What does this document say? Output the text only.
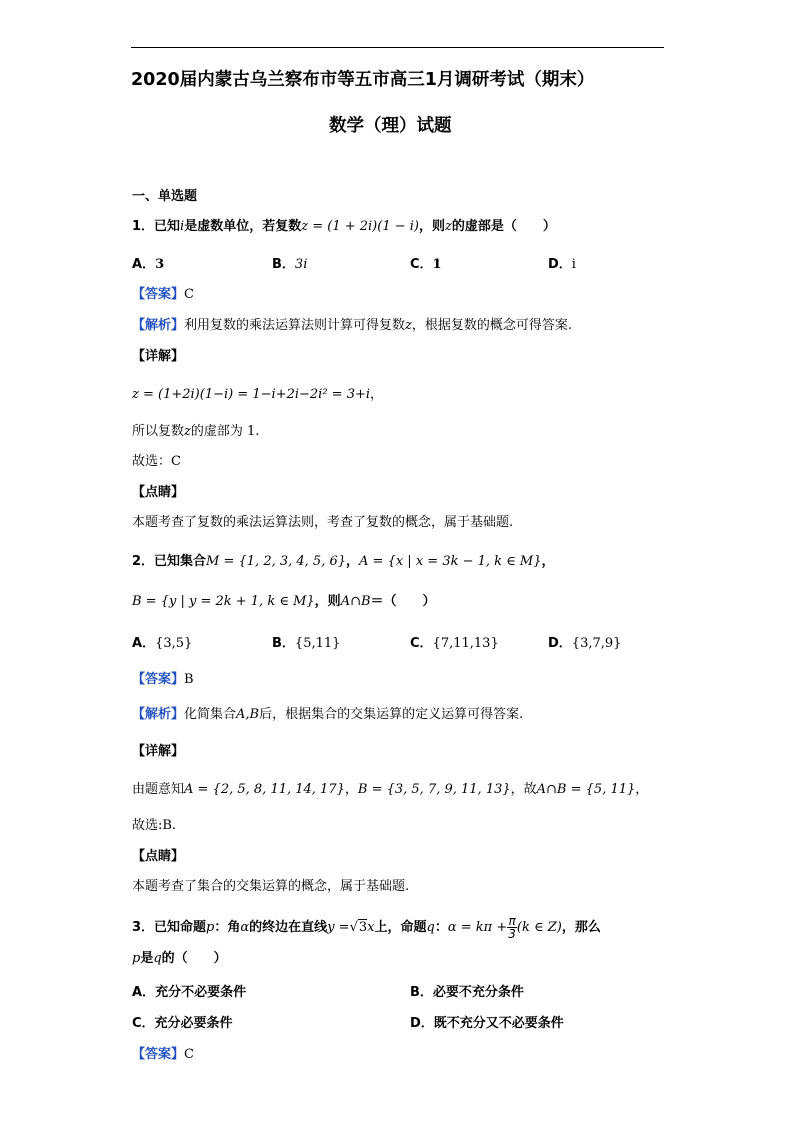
2020届内蒙古乌兰察布市等五市高三1月调研考试（期末）
数学（理）试题
一、单选题
1．已知i是虚数单位，若复数z = (1 + 2i)(1 − i)，则z的虚部是（　　）
A．3	B．3i	C．1	D．i
【答案】C
【解析】利用复数的乘法运算法则计算可得复数z，根据复数的概念可得答案.
【详解】
z = (1+2i)(1−i) = 1−i+2i−2i² = 3+i，
所以复数z的虚部为 1.
故选：C
【点睛】
本题考查了复数的乘法运算法则，考查了复数的概念，属于基础题.
2．已知集合M = {1, 2, 3, 4, 5, 6}，A = {x | x = 3k − 1, k ∈ M}，
B = {y | y = 2k + 1, k ∈ M}，则A∩B＝（　　）
A．{3,5}	B．{5,11}	C．{7,11,13}	D．{3,7,9}
【答案】B
【解析】化简集合A,B后，根据集合的交集运算的定义运算可得答案.
【详解】
由题意知A = {2, 5, 8, 11, 14, 17}，B = {3, 5, 7, 9, 11, 13}，故A∩B = {5, 11}，
故选:B.
【点睛】
本题考查了集合的交集运算的概念，属于基础题.
3．已知命题p：角α的终边在直线y =√3x上，命题q：$\alpha = k\pi + \frac{\pi}{3} (k$ ∈ Z)，那么
p是q的（　　）
A．充分不必要条件	B．必要不充分条件
C．充分必要条件	D．既不充分又不必要条件
【答案】C
